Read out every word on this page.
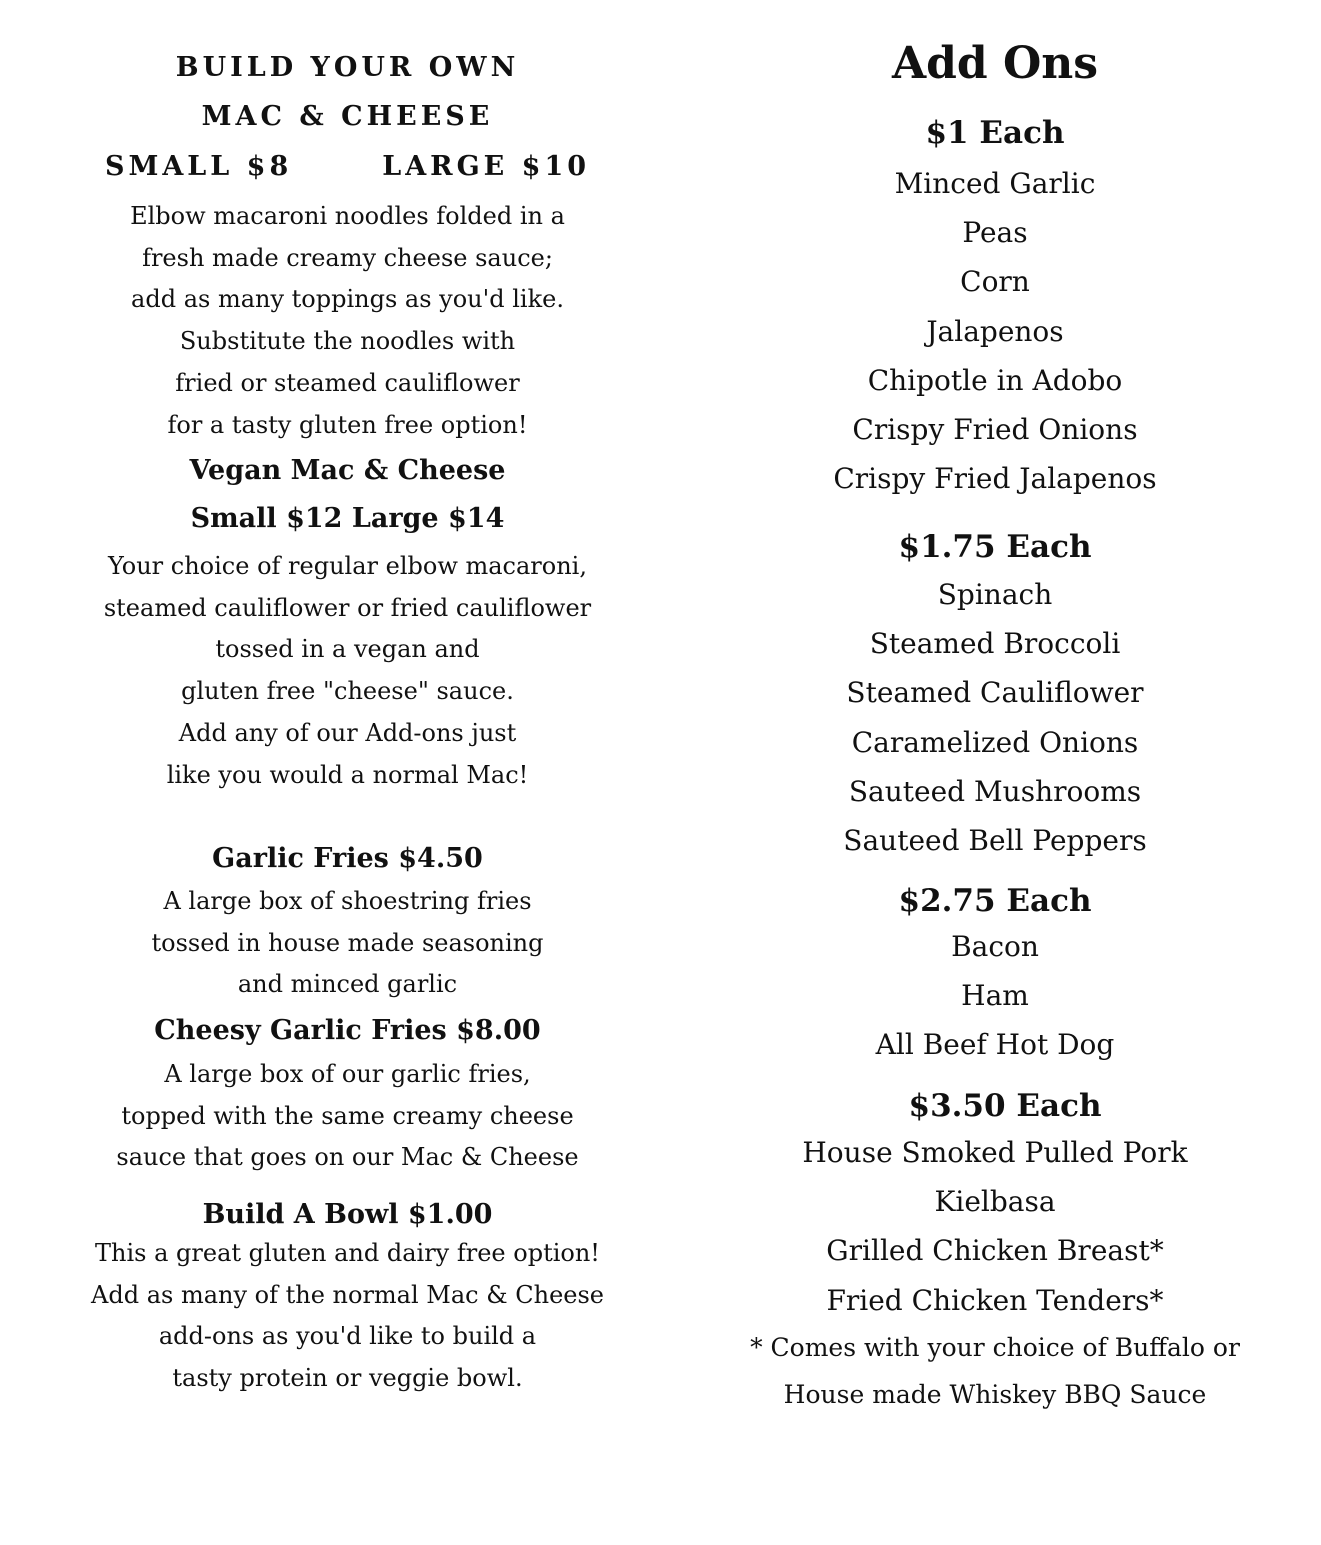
BUILD YOUR OWN
MAC & CHEESE
SMALL $8	LARGE $10
Elbow macaroni noodles folded in a
fresh made creamy cheese sauce;
add as many toppings as you'd like.
Substitute the noodles with
fried or steamed cauliflower
for a tasty gluten free option!
Vegan Mac & Cheese
Small $12 Large $14
Your choice of regular elbow macaroni,
steamed cauliflower or fried cauliflower
tossed in a vegan and
gluten free "cheese" sauce.
Add any of our Add-ons just
like you would a normal Mac!
Garlic Fries $4.50
A large box of shoestring fries
tossed in house made seasoning
and minced garlic
Cheesy Garlic Fries $8.00
A large box of our garlic fries,
topped with the same creamy cheese
sauce that goes on our Mac & Cheese
Build A Bowl $1.00
This a great gluten and dairy free option!
Add as many of the normal Mac & Cheese
add-ons as you'd like to build a
tasty protein or veggie bowl.
Add Ons
$1 Each
Minced Garlic
Peas
Corn
Jalapenos
Chipotle in Adobo
Crispy Fried Onions
Crispy Fried Jalapenos
$1.75 Each
Spinach
Steamed Broccoli
Steamed Cauliflower
Caramelized Onions
Sauteed Mushrooms
Sauteed Bell Peppers
$2.75 Each
Bacon
Ham
All Beef Hot Dog
$3.50 Each
House Smoked Pulled Pork
Kielbasa
Grilled Chicken Breast*
Fried Chicken Tenders*
* Comes with your choice of Buffalo or
House made Whiskey BBQ Sauce
